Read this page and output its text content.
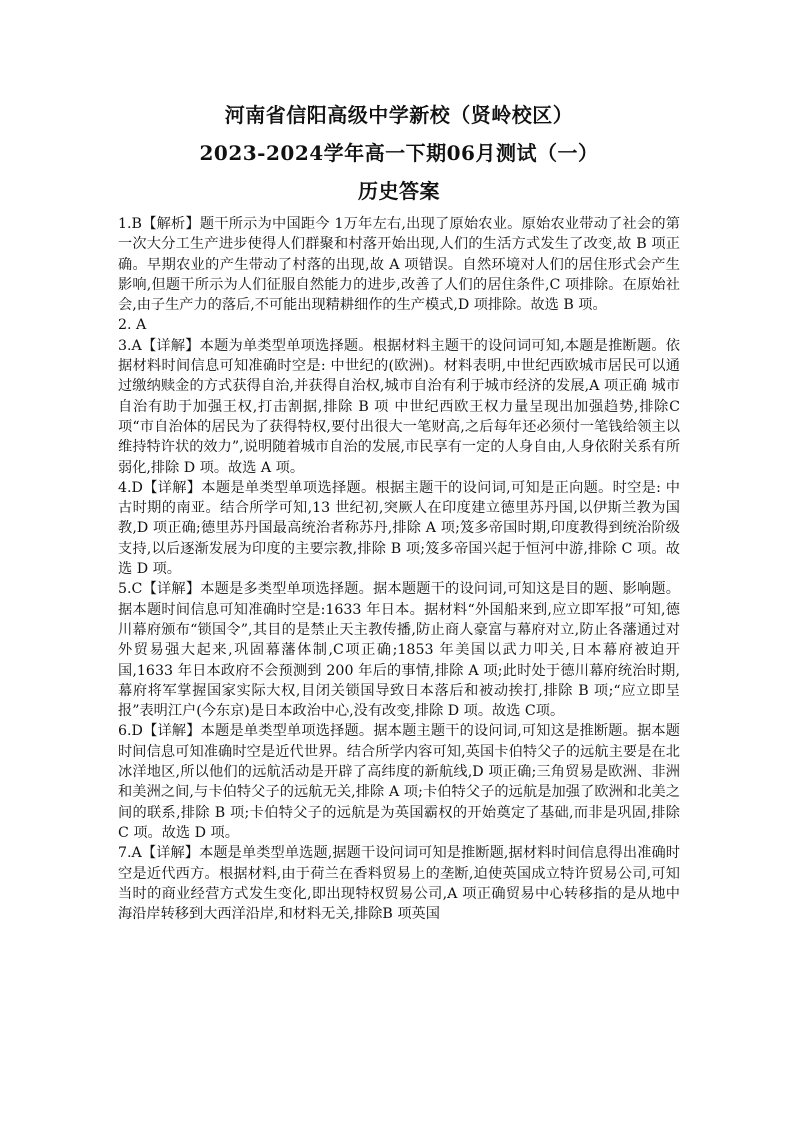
河南省信阳高级中学新校（贤岭校区）
2023-2024学年高一下期06月测试（一）
历史答案

1.B【解析】题干所示为中国距今 1万年左右,出现了原始农业。原始农业带动了社会的第一次大分工生产进步使得人们群聚和村落开始出现,人们的生活方式发生了改变,故 B 项正确。早期农业的产生带动了村落的出现,故 A 项错误。自然环境对人们的居住形式会产生影响,但题干所示为人们征服自然能力的进步,改善了人们的居住条件,C 项排除。在原始社会,由子生产力的落后,不可能出现精耕细作的生产模式,D 项排除。故选 B 项。

2. A

3.A【详解】本题为单类型单项选择题。根据材料主题干的设问词可知,本题是推断题。依据材料时间信息可知准确时空是: 中世纪的(欧洲)。材料表明,中世纪西欧城市居民可以通过缴纳赎金的方式获得自治,并获得自治权,城市自治有利于城市经济的发展,A 项正确 城市自治有助于加强王权,打击割据,排除 B 项 中世纪西欧王权力量呈现出加强趋势,排除C项“市自治体的居民为了获得特权,要付出很大一笔财高,之后每年还必须付一笔钱给领主以维持特许状的效力”,说明随着城市自治的发展,市民享有一定的人身自由,人身依附关系有所弱化,排除 D 项。故选 A 项。

4.D【详解】本题是单类型单项选择题。根据主题干的设问词,可知是正向题。时空是: 中古时期的南亚。结合所学可知,13 世纪初,突厥人在印度建立德里苏丹国,以伊斯兰教为国教,D 项正确;德里苏丹国最高统治者称苏丹,排除 A 项;笈多帝国时期,印度教得到统治阶级支持,以后逐渐发展为印度的主要宗教,排除 B 项;笈多帝国兴起于恒河中游,排除 C 项。故选 D 项。

5.C【详解】本题是多类型单项选择题。据本题题干的设问词,可知这是目的题、影响题。据本题时间信息可知准确时空是:1633 年日本。据材料“外国船来到,应立即军报”可知,德川幕府颁布“锁国令”,其目的是禁止天主教传播,防止商人豪富与幕府对立,防止各藩通过对外贸易强大起来,巩固幕藩体制,C项正确;1853 年美国以武力叩关,日本幕府被迫开国,1633 年日本政府不会预测到 200 年后的事情,排除 A 项;此时处于德川幕府统治时期,幕府将军掌握国家实际大权,目闭关锁国导致日本落后和被动挨打,排除 B 项;“应立即呈报”表明江户(今东京)是日本政治中心,没有改变,排除 D 项。故选 C项。

6.D【详解】本题是单类型单项选择题。据本题主题干的设问词,可知这是推断题。据本题时间信息可知准确时空是近代世界。结合所学内容可知,英国卡伯特父子的远航主要是在北冰洋地区,所以他们的远航活动是开辟了高纬度的新航线,D 项正确;三角贸易是欧洲、非洲和美洲之间,与卡伯特父子的远航无关,排除 A 项;卡伯特父子的远航是加强了欧洲和北美之间的联系,排除 B 项;卡伯特父子的远航是为英国霸权的开始奠定了基础,而非是巩固,排除 C 项。故选 D 项。

7.A【详解】本题是单类型单选题,据题干设问词可知是推断题,据材料时间信息得出准确时空是近代西方。根据材料,由于荷兰在香料贸易上的垄断,迫使英国成立特许贸易公司,可知当时的商业经营方式发生变化,即出现特权贸易公司,A 项正确贸易中心转移指的是从地中海沿岸转移到大西洋沿岸,和材料无关,排除B 项英国
